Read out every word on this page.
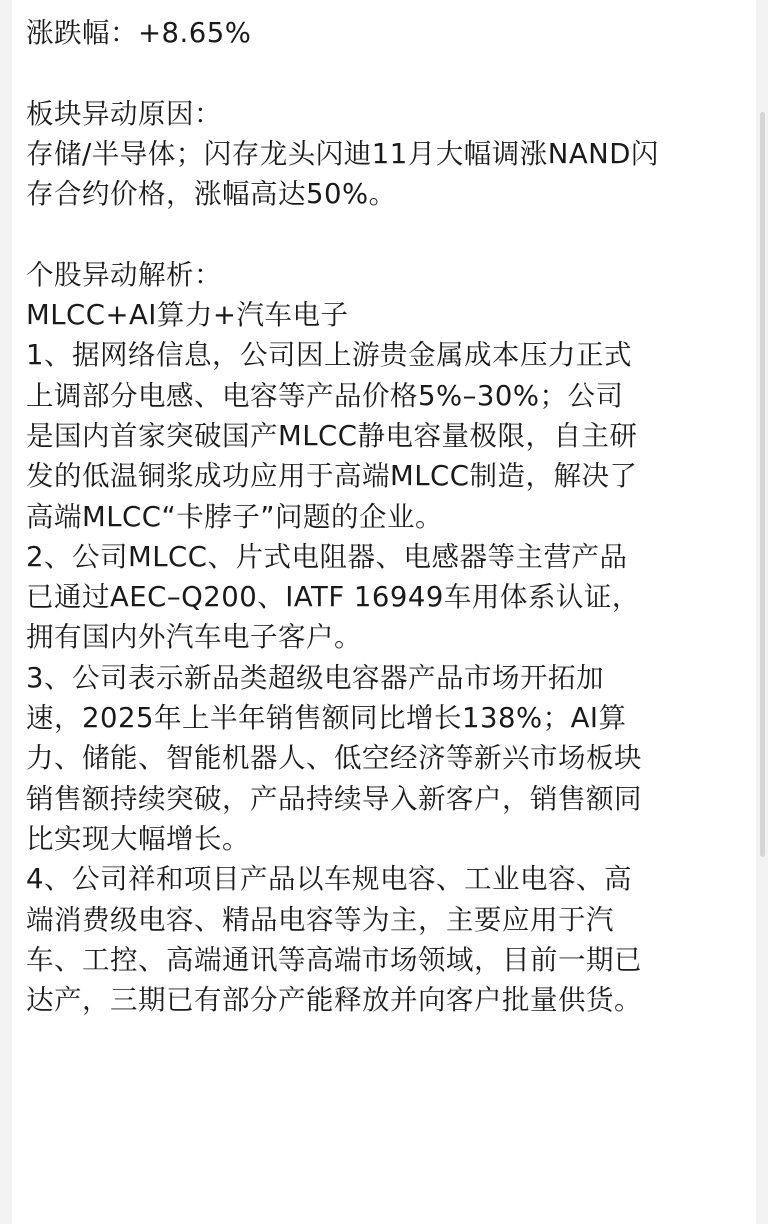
涨跌幅：+8.65%
板块异动原因：
存储/半导体；闪存龙头闪迪11月大幅调涨NAND闪
存合约价格，涨幅高达50%。
个股异动解析：
MLCC+AI算力+汽车电子
1、据网络信息，公司因上游贵金属成本压力正式
上调部分电感、电容等产品价格5%–30%；公司
是国内首家突破国产MLCC静电容量极限，自主研
发的低温铜浆成功应用于高端MLCC制造，解决了
高端MLCC“卡脖子”问题的企业。
2、公司MLCC、片式电阻器、电感器等主营产品
已通过AEC–Q200、IATF 16949车用体系认证，
拥有国内外汽车电子客户。
3、公司表示新品类超级电容器产品市场开拓加
速，2025年上半年销售额同比增长138%；AI算
力、储能、智能机器人、低空经济等新兴市场板块
销售额持续突破，产品持续导入新客户，销售额同
比实现大幅增长。
4、公司祥和项目产品以车规电容、工业电容、高
端消费级电容、精品电容等为主，主要应用于汽
车、工控、高端通讯等高端市场领域，目前一期已
达产，三期已有部分产能释放并向客户批量供货。
